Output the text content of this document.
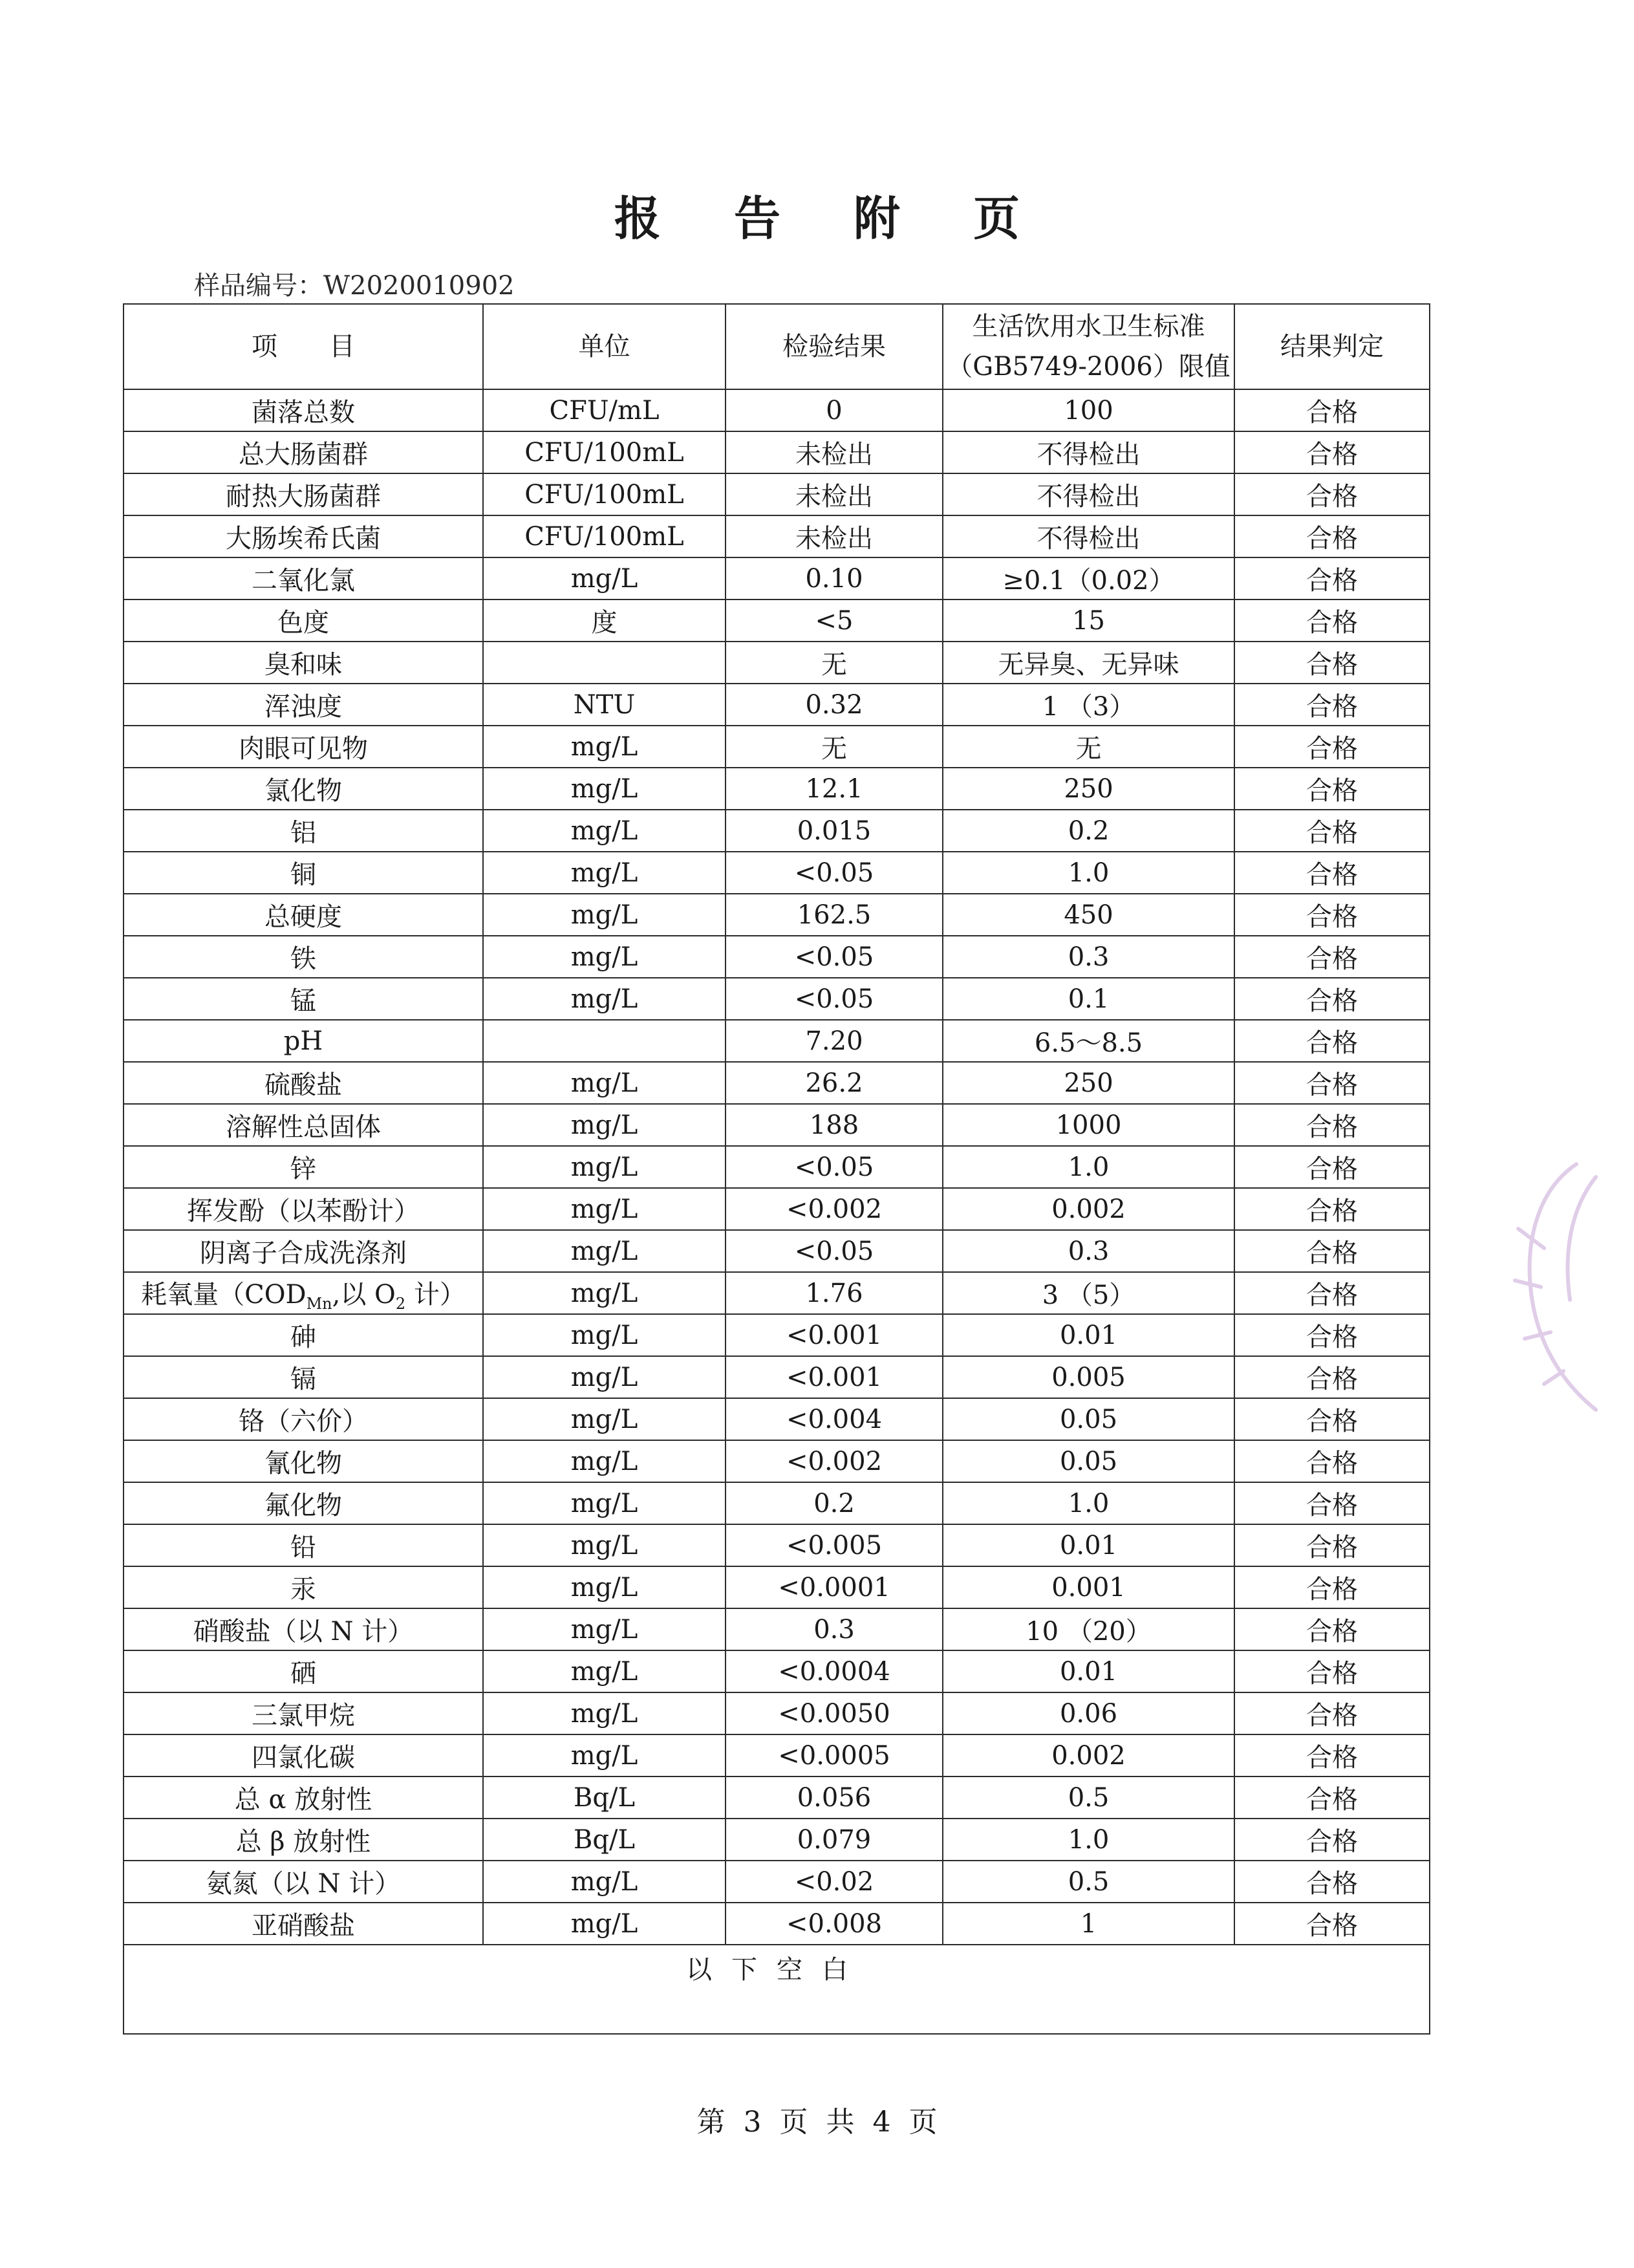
报 告 附 页
样品编号：W2020010902
项　　目	单位	检验结果	生活饮用水卫生标准
（GB5749-2006）限值	结果判定
菌落总数	CFU/mL	0	100	合格
总大肠菌群	CFU/100mL	未检出	不得检出	合格
耐热大肠菌群	CFU/100mL	未检出	不得检出	合格
大肠埃希氏菌	CFU/100mL	未检出	不得检出	合格
二氧化氯	mg/L	0.10	≥0.1（0.02）	合格
色度	度	<5	15	合格
臭和味		无	无异臭、无异味	合格
浑浊度	NTU	0.32	1 （3）	合格
肉眼可见物	mg/L	无	无	合格
氯化物	mg/L	12.1	250	合格
铝	mg/L	0.015	0.2	合格
铜	mg/L	<0.05	1.0	合格
总硬度	mg/L	162.5	450	合格
铁	mg/L	<0.05	0.3	合格
锰	mg/L	<0.05	0.1	合格
pH		7.20	6.5～8.5	合格
硫酸盐	mg/L	26.2	250	合格
溶解性总固体	mg/L	188	1000	合格
锌	mg/L	<0.05	1.0	合格
挥发酚（以苯酚计）	mg/L	<0.002	0.002	合格
阴离子合成洗涤剂	mg/L	<0.05	0.3	合格
耗氧量（$COD_{Mn}$,以 $O_2$ 计）	mg/L	1.76	3 （5）	合格
砷	mg/L	<0.001	0.01	合格
镉	mg/L	<0.001	0.005	合格
铬（六价）	mg/L	<0.004	0.05	合格
氰化物	mg/L	<0.002	0.05	合格
氟化物	mg/L	0.2	1.0	合格
铅	mg/L	<0.005	0.01	合格
汞	mg/L	<0.0001	0.001	合格
硝酸盐（以 N 计）	mg/L	0.3	10 （20）	合格
硒	mg/L	<0.0004	0.01	合格
三氯甲烷	mg/L	<0.0050	0.06	合格
四氯化碳	mg/L	<0.0005	0.002	合格
总 α 放射性	Bq/L	0.056	0.5	合格
总 β 放射性	Bq/L	0.079	1.0	合格
氨氮（以 N 计）	mg/L	<0.02	0.5	合格
亚硝酸盐	mg/L	<0.008	1	合格
以下空白				
第 3 页 共 4 页
